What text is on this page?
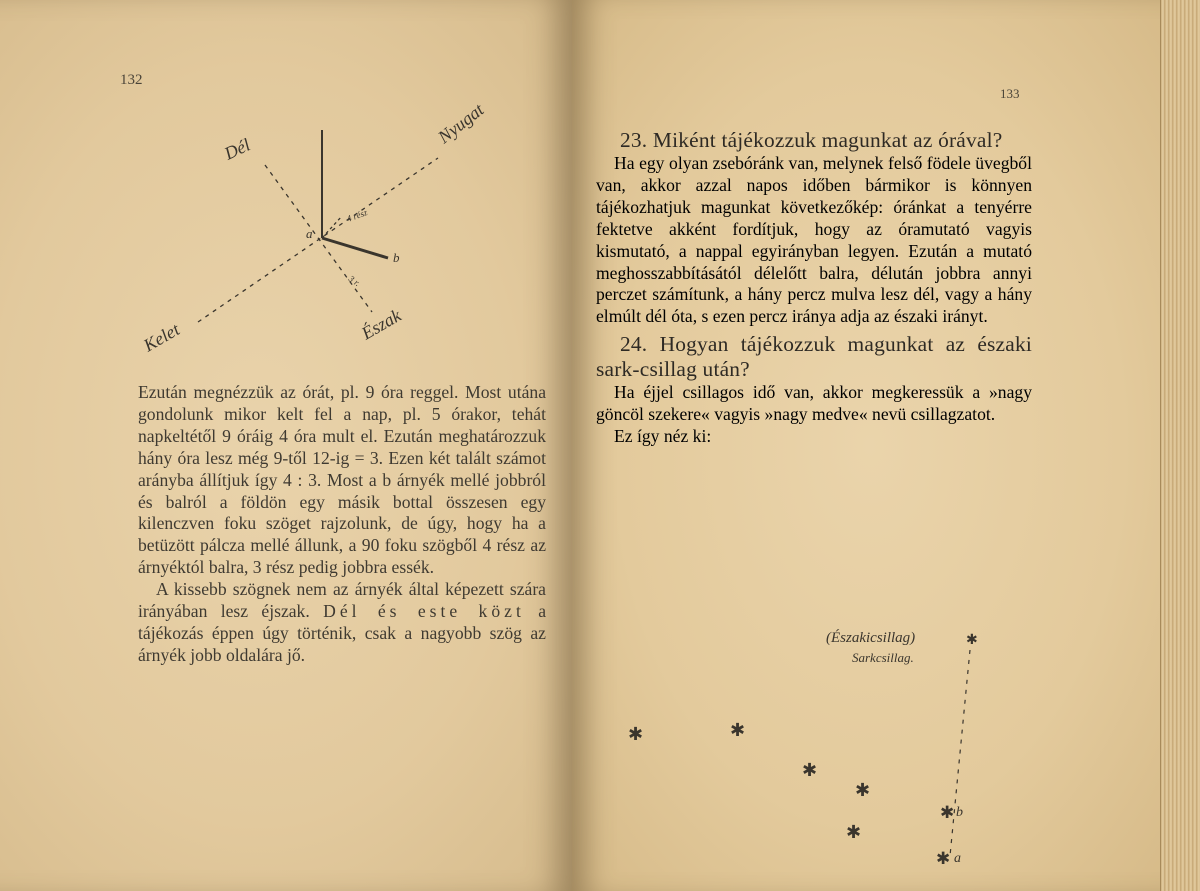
132
Dél
Nyugat
Kelet	Észak
a
b
4 rész
3 r.

Ezután megnézzük az órát, pl. 9 óra reggel. Most utána gondolunk mikor kelt fel a nap, pl. 5 órakor, tehát napkeltétől 9 óráig 4 óra mult el. Ezután meghatározzuk hány óra lesz még 9-től 12-ig = 3. Ezen két talált számot arányba állítjuk így 4 : 3. Most a b árnyék mellé jobbról és balról a földön egy másik bottal összesen egy kilenczven foku szöget rajzolunk, de úgy, hogy ha a betüzött pálcza mellé állunk, a 90 foku szögből 4 rész az árnyéktól balra, 3 rész pedig jobbra essék.

A kissebb szögnek nem az árnyék által képezett szára irányában lesz éjszak. Dél és este közt a tájékozás éppen úgy történik, csak a nagyobb szög az árnyék jobb oldalára jő.

133
23. Miként tájékozzuk magunkat az órával?

Ha egy olyan zsebóránk van, melynek felső födele üvegből van, akkor azzal napos időben bármikor is könnyen tájékozhatjuk magunkat következőkép: óránkat a tenyérre fektetve akként fordítjuk, hogy az óramutató vagyis kismutató, a nappal egyirányban legyen. Ezután a mutató meghosszabbításától délelőtt balra, délután jobbra annyi perczet számítunk, a hány percz mulva lesz dél, vagy a hány elmúlt dél óta, s ezen percz iránya adja az északi irányt.

24. Hogyan tájékozzuk magunkat az északi sark-csillag után?

Ha éjjel csillagos idő van, akkor megkeressük a »nagy göncöl szekere« vagyis »nagy medve« nevü csillagzatot.

Ez így néz ki:

(Északicsillag)
Sarkcsillag.
✱
✱	✱
✱
✱
✱
✱ b
✱ a
